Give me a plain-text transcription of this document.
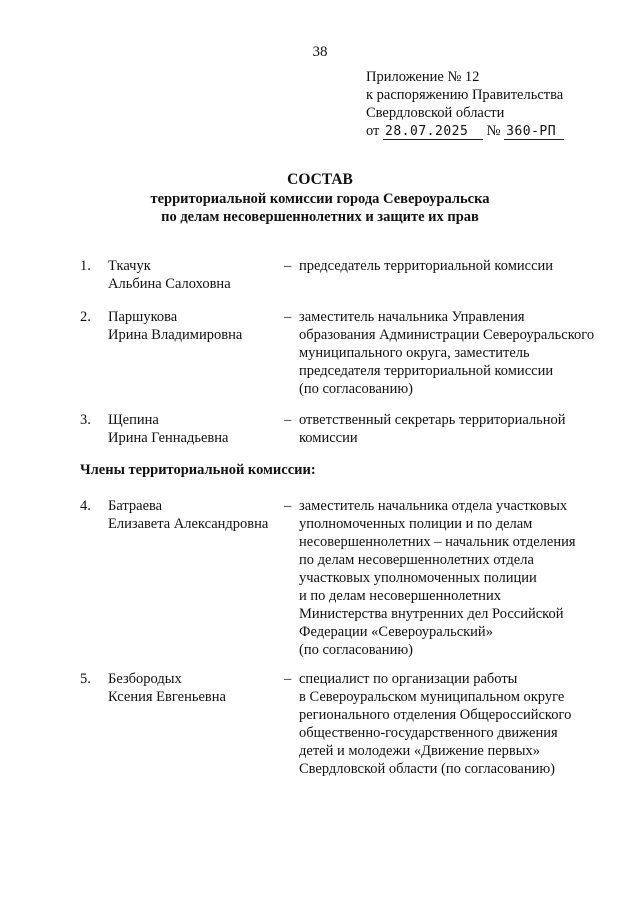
38
Приложение № 12
к распоряжению Правительства
Свердловской области
от 28.07.2025 № 360-РП
СОСТАВ
территориальной комиссии города Североуральска
по делам несовершеннолетних и защите их прав
1. Ткачук
Альбина Салоховна
– председатель территориальной комиссии
2. Паршукова
Ирина Владимировна
– заместитель начальника Управления
образования Администрации Североуральского
муниципального округа, заместитель
председателя территориальной комиссии
(по согласованию)
3. Щепина
Ирина Геннадьевна
– ответственный секретарь территориальной
комиссии
Члены территориальной комиссии:
4. Батраева
Елизавета Александровна
– заместитель начальника отдела участковых
уполномоченных полиции и по делам
несовершеннолетних – начальник отделения
по делам несовершеннолетних отдела
участковых уполномоченных полиции
и по делам несовершеннолетних
Министерства внутренних дел Российской
Федерации «Североуральский»
(по согласованию)
5. Безбородых
Ксения Евгеньевна
– специалист по организации работы
в Североуральском муниципальном округе
регионального отделения Общероссийского
общественно-государственного движения
детей и молодежи «Движение первых»
Свердловской области (по согласованию)
